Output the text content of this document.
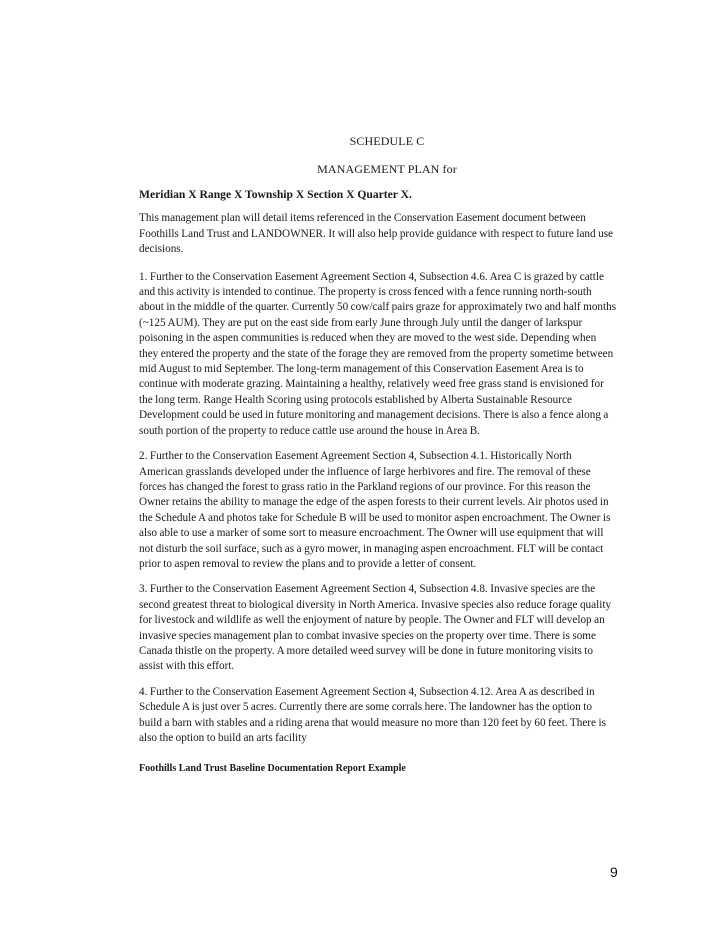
SCHEDULE C
MANAGEMENT PLAN for
Meridian X Range X Township X Section X Quarter X.

This management plan will detail items referenced in the Conservation Easement document between Foothills Land Trust and LANDOWNER. It will also help provide guidance with respect to future land use decisions.

1. Further to the Conservation Easement Agreement Section 4, Subsection 4.6. Area C is grazed by cattle and this activity is intended to continue. The property is cross fenced with a fence running north-south about in the middle of the quarter. Currently 50 cow/calf pairs graze for approximately two and half months (~125 AUM). They are put on the east side from early June through July until the danger of larkspur poisoning in the aspen communities is reduced when they are moved to the west side. Depending when they entered the property and the state of the forage they are removed from the property sometime between mid August to mid September. The long-term management of this Conservation Easement Area is to continue with moderate grazing. Maintaining a healthy, relatively weed free grass stand is envisioned for the long term. Range Health Scoring using protocols established by Alberta Sustainable Resource Development could be used in future monitoring and management decisions. There is also a fence along a south portion of the property to reduce cattle use around the house in Area B.

2. Further to the Conservation Easement Agreement Section 4, Subsection 4.1. Historically North American grasslands developed under the influence of large herbivores and fire. The removal of these forces has changed the forest to grass ratio in the Parkland regions of our province. For this reason the Owner retains the ability to manage the edge of the aspen forests to their current levels. Air photos used in the Schedule A and photos take for Schedule B will be used to monitor aspen encroachment. The Owner is also able to use a marker of some sort to measure encroachment. The Owner will use equipment that will not disturb the soil surface, such as a gyro mower, in managing aspen encroachment. FLT will be contact prior to aspen removal to review the plans and to provide a letter of consent.

3. Further to the Conservation Easement Agreement Section 4, Subsection 4.8. Invasive species are the second greatest threat to biological diversity in North America. Invasive species also reduce forage quality for livestock and wildlife as well the enjoyment of nature by people. The Owner and FLT will develop an invasive species management plan to combat invasive species on the property over time. There is some Canada thistle on the property. A more detailed weed survey will be done in future monitoring visits to assist with this effort.

4. Further to the Conservation Easement Agreement Section 4, Subsection 4.12. Area A as described in Schedule A is just over 5 acres. Currently there are some corrals here. The landowner has the option to build a barn with stables and a riding arena that would measure no more than 120 feet by 60 feet. There is also the option to build an arts facility

Foothills Land Trust Baseline Documentation Report Example
9
